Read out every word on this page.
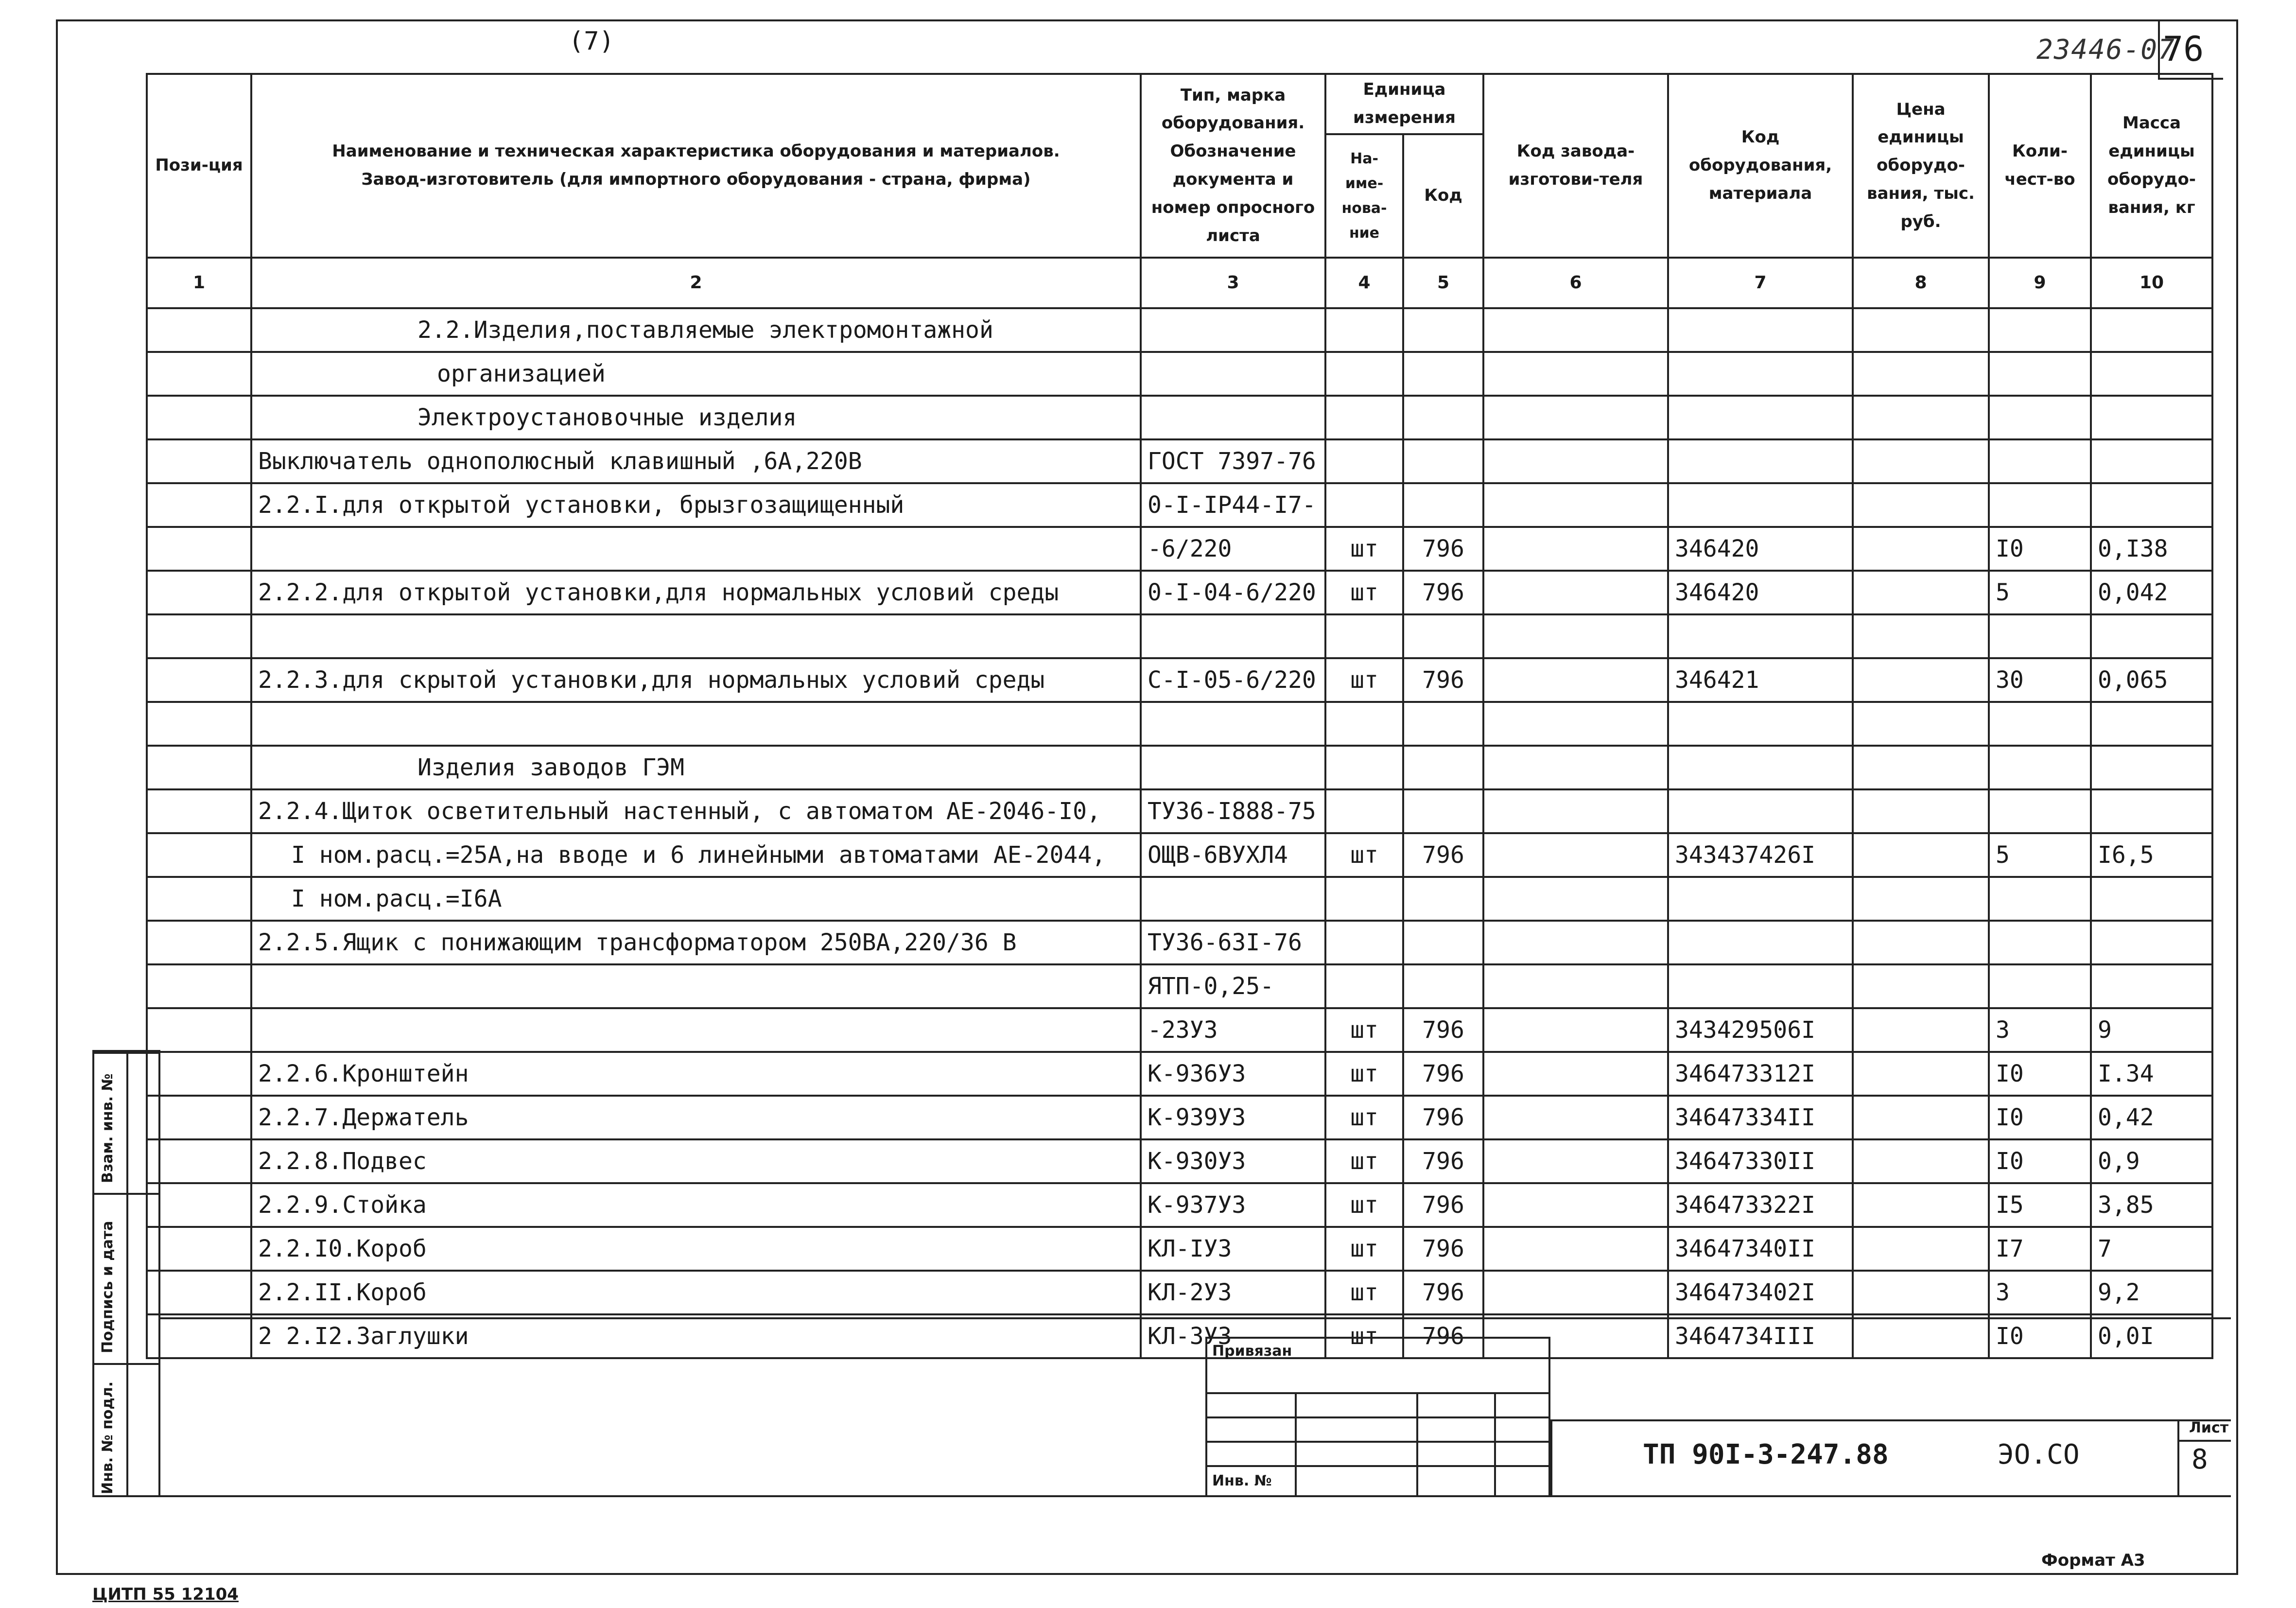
(7)	23446-07
76
Пози-ция	Наименование и техническая характеристика оборудования и материалов.
Завод-изготовитель (для импортного оборудования - страна, фирма)	Тип, марка оборудования. Обозначение документа и номер опросного листа	Единица измерения		Код завода-изготови-теля	Код оборудования, материала	Цена единицы оборудо-вания, тыс. руб.	Коли-чест-во	Масса единицы оборудо-вания, кг
			На-име-нова-ние	Код					
1	2	3	4	5	6	7	8	9	10
	2.2.Изделия,поставляемые электромонтажной								
	организацией								
	Электроустановочные изделия								
	Выключатель однополюсный клавишный ,6А,220В	ГОСТ 7397-76							
	2.2.I.для открытой установки, брызгозащищенный	0-I-IP44-I7-							
		-6/220	шт	796		346420		I0	0,I38
	2.2.2.для открытой установки,для нормальных условий среды	0-I-04-6/220	шт	796		346420		5	0,042

	2.2.3.для скрытой установки,для нормальных условий среды	С-I-05-6/220	шт	796		346421		30	0,065

	Изделия заводов ГЭМ								
	2.2.4.Щиток осветительный настенный, с автоматом АЕ-2046-I0,	ТУ36-I888-75							
	I ном.расц.=25А,на вводе и 6 линейными автоматами АЕ-2044,	ОЩВ-6ВУХЛ4	шт	796		343437426I		5	I6,5
	I ном.расц.=I6А								
	2.2.5.Ящик с понижающим трансформатором 250ВА,220/36 В	ТУ36-63I-76							
		ЯТП-0,25-							
		-23У3	шт	796		343429506I		3	9
	2.2.6.Кронштейн	К-936У3	шт	796		346473312I		I0	I.34
	2.2.7.Держатель	К-939У3	шт	796		34647334II		I0	0,42
	2.2.8.Подвес	К-930У3	шт	796		34647330II		I0	0,9
	2.2.9.Стойка	К-937У3	шт	796		346473322I		I5	3,85
	2.2.I0.Короб	КЛ-IУ3	шт	796		34647340II		I7	7
	2.2.II.Короб	КЛ-2У3	шт	796		346473402I		3	9,2
	2 2.I2.Заглушки	КЛ-3У3	шт	796		3464734III		I0	0,0I
Инв. № подл.
Подпись и дата
Взам. инв. №
Привязан
Инв. №
ТП 90I-3-247.88	ЭО.СО
Лист
8
Формат А3
ЦИТП 55 12104
